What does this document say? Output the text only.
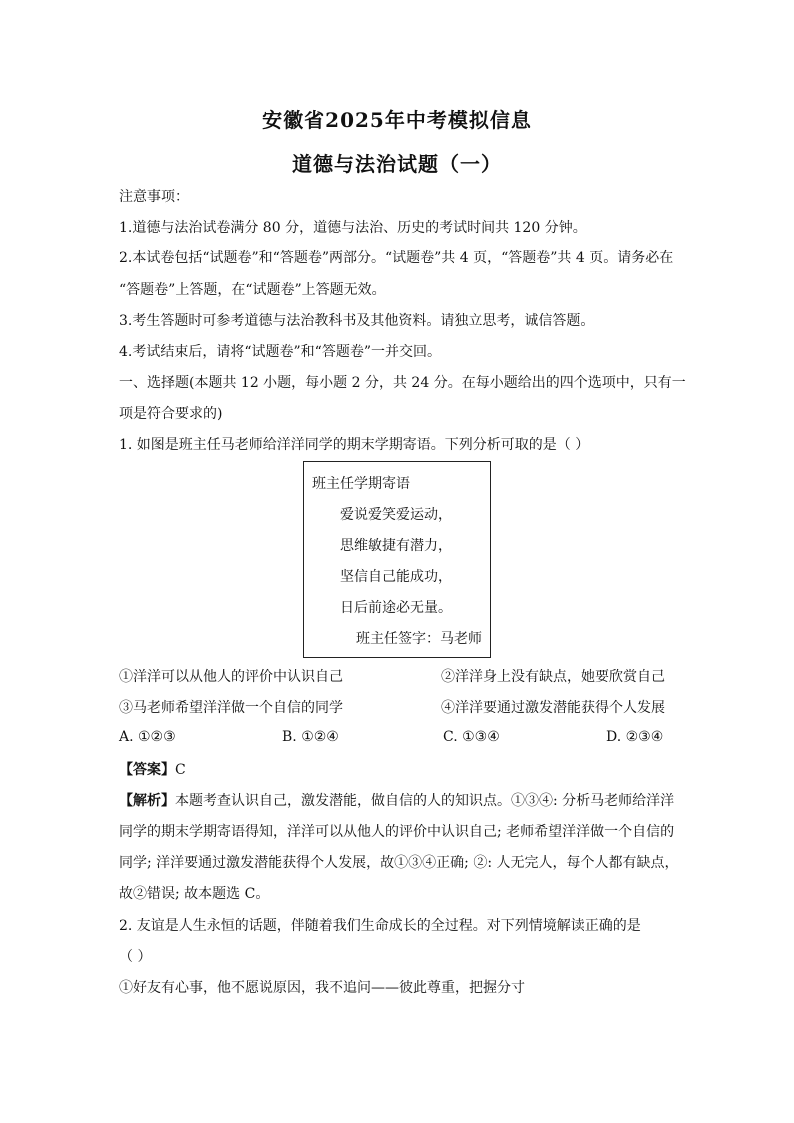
安徽省2025年中考模拟信息
道德与法治试题（一）
注意事项：
1.道德与法治试卷满分 80 分，道德与法治、历史的考试时间共 120 分钟。
2.本试卷包括“试题卷”和“答题卷”两部分。“试题卷”共 4 页，“答题卷”共 4 页。请务必在
“答题卷”上答题，在“试题卷”上答题无效。
3.考生答题时可参考道德与法治教科书及其他资料。请独立思考，诚信答题。
4.考试结束后，请将“试题卷”和“答题卷”一并交回。
一、选择题(本题共 12 小题，每小题 2 分，共 24 分。在每小题给出的四个选项中，只有一
项是符合要求的)
1. 如图是班主任马老师给洋洋同学的期末学期寄语。下列分析可取的是（ ）
班主任学期寄语
爱说爱笑爱运动，
思维敏捷有潜力，
坚信自己能成功，
日后前途必无量。
班主任签字：马老师
①洋洋可以从他人的评价中认识自己	②洋洋身上没有缺点，她要欣赏自己
③马老师希望洋洋做一个自信的同学	④洋洋要通过激发潜能获得个人发展
A. ①②③	B. ①②④	C. ①③④	D. ②③④
【答案】C
【解析】本题考查认识自己，激发潜能，做自信的人的知识点。①③④: 分析马老师给洋洋
同学的期末学期寄语得知，洋洋可以从他人的评价中认识自己; 老师希望洋洋做一个自信的
同学; 洋洋要通过激发潜能获得个人发展，故①③④正确; ②: 人无完人，每个人都有缺点，
故②错误; 故本题选 C。
2. 友谊是人生永恒的话题，伴随着我们生命成长的全过程。对下列情境解读正确的是
（ ）
①好友有心事，他不愿说原因，我不追问——彼此尊重，把握分寸
